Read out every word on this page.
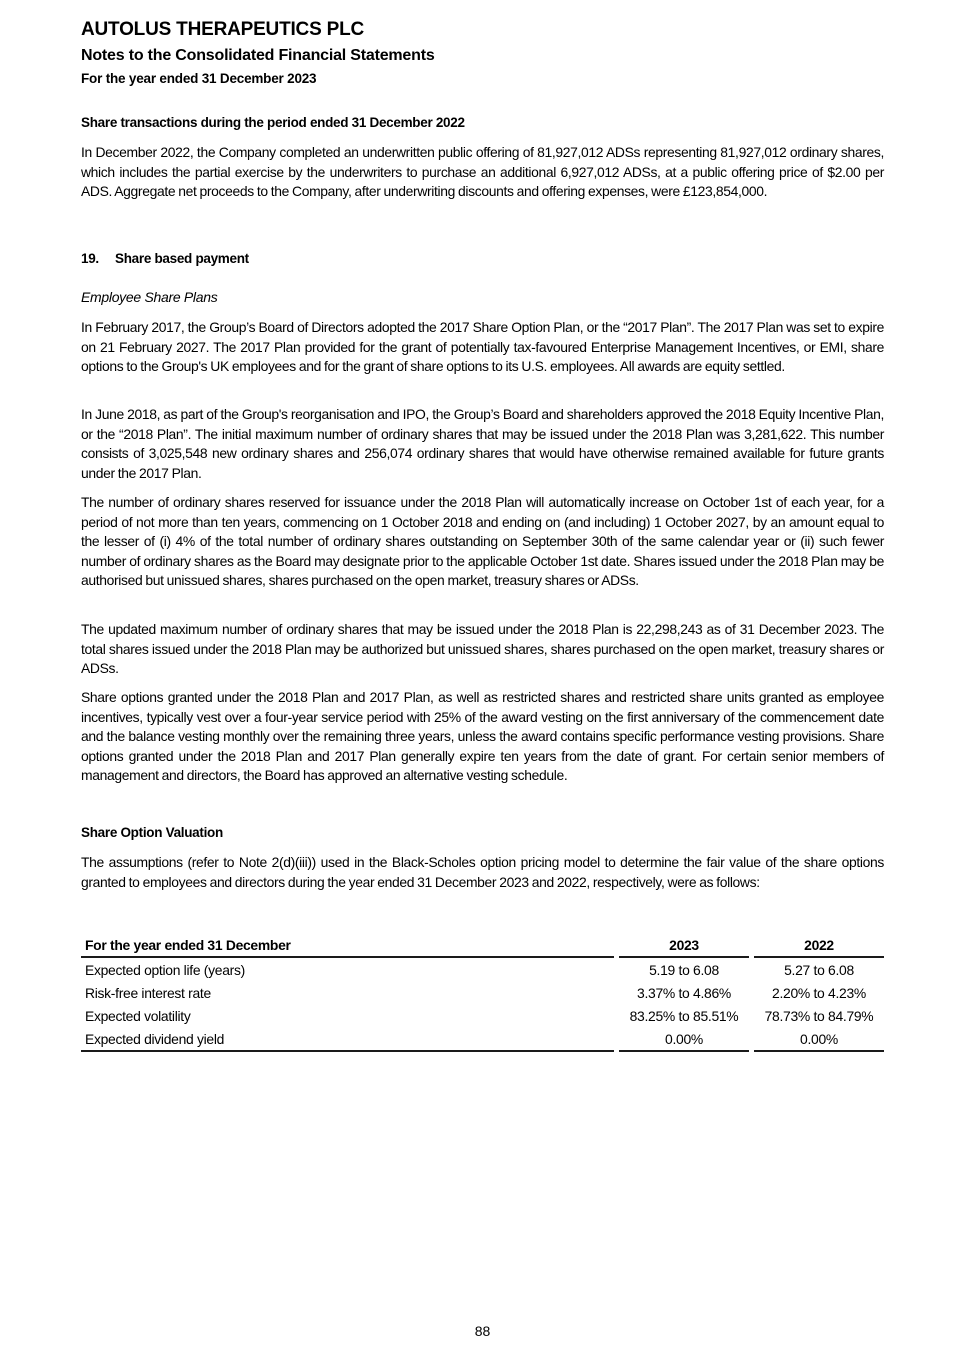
AUTOLUS THERAPEUTICS PLC
Notes to the Consolidated Financial Statements
For the year ended 31 December 2023
Share transactions during the period ended 31 December 2022
In December 2022, the Company completed an underwritten public offering of 81,927,012 ADSs representing 81,927,012 ordinary shares, which includes the partial exercise by the underwriters to purchase an additional 6,927,012 ADSs, at a public offering price of $2.00 per ADS. Aggregate net proceeds to the Company, after underwriting discounts and offering expenses, were £123,854,000.
19. Share based payment
Employee Share Plans
In February 2017, the Group’s Board of Directors adopted the 2017 Share Option Plan, or the “2017 Plan”. The 2017 Plan was set to expire on 21 February 2027. The 2017 Plan provided for the grant of potentially tax-favoured Enterprise Management Incentives, or EMI, share options to the Group's UK employees and for the grant of share options to its U.S. employees. All awards are equity settled.
In June 2018, as part of the Group's reorganisation and IPO, the Group’s Board and shareholders approved the 2018 Equity Incentive Plan, or the “2018 Plan”. The initial maximum number of ordinary shares that may be issued under the 2018 Plan was 3,281,622. This number consists of 3,025,548 new ordinary shares and 256,074 ordinary shares that would have otherwise remained available for future grants under the 2017 Plan.
The number of ordinary shares reserved for issuance under the 2018 Plan will automatically increase on October 1st of each year, for a period of not more than ten years, commencing on 1 October 2018 and ending on (and including) 1 October 2027, by an amount equal to the lesser of (i) 4% of the total number of ordinary shares outstanding on September 30th of the same calendar year or (ii) such fewer number of ordinary shares as the Board may designate prior to the applicable October 1st date. Shares issued under the 2018 Plan may be authorised but unissued shares, shares purchased on the open market, treasury shares or ADSs.
The updated maximum number of ordinary shares that may be issued under the 2018 Plan is 22,298,243 as of 31 December 2023. The total shares issued under the 2018 Plan may be authorized but unissued shares, shares purchased on the open market, treasury shares or ADSs.
Share options granted under the 2018 Plan and 2017 Plan, as well as restricted shares and restricted share units granted as employee incentives, typically vest over a four-year service period with 25% of the award vesting on the first anniversary of the commencement date and the balance vesting monthly over the remaining three years, unless the award contains specific performance vesting provisions. Share options granted under the 2018 Plan and 2017 Plan generally expire ten years from the date of grant. For certain senior members of management and directors, the Board has approved an alternative vesting schedule.
Share Option Valuation
The assumptions (refer to Note 2(d)(iii)) used in the Black-Scholes option pricing model to determine the fair value of the share options granted to employees and directors during the year ended 31 December 2023 and 2022, respectively, were as follows:
For the year ended 31 December		2023		2022
Expected option life (years)		5.19 to 6.08		5.27 to 6.08
Risk-free interest rate		3.37% to 4.86%		2.20% to 4.23%
Expected volatility		83.25% to 85.51%		78.73% to 84.79%
Expected dividend yield		0.00%		0.00%
88
